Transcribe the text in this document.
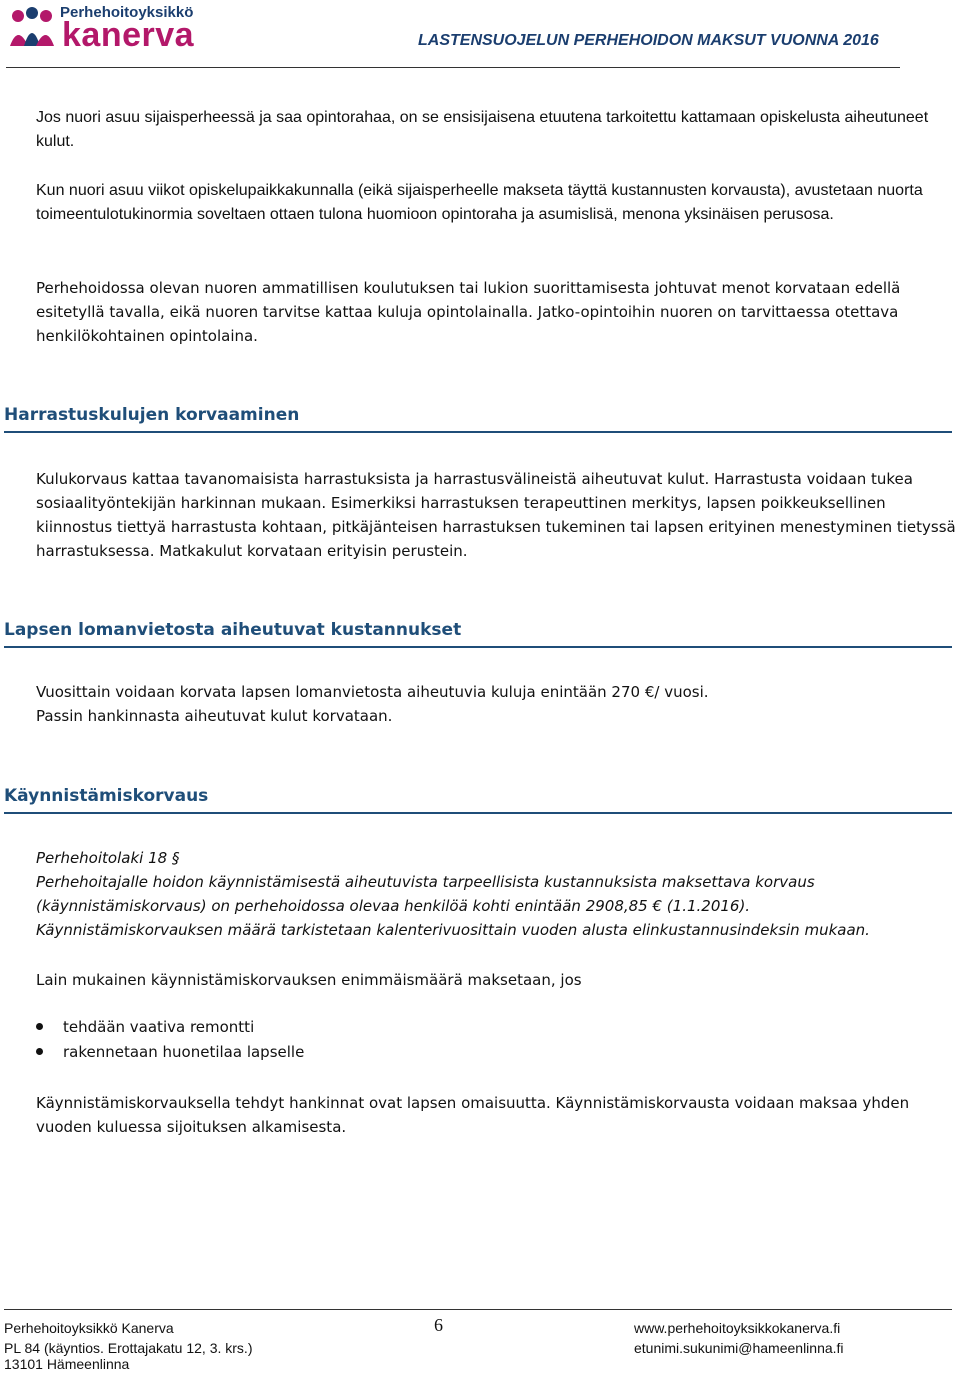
Perhehoitoyksikkö
kanerva	LASTENSUOJELUN PERHEHOIDON MAKSUT VUONNA 2016

Jos nuori asuu sijaisperheessä ja saa opintorahaa, on se ensisijaisena etuutena tarkoitettu kattamaan opiskelusta aiheutuneet kulut.

Kun nuori asuu viikot opiskelupaikkakunnalla (eikä sijaisperheelle makseta täyttä kustannusten korvausta), avustetaan nuorta toimeentulotukinormia soveltaen ottaen tulona huomioon opintoraha ja asumislisä, menona yksinäisen perusosa.

Perhehoidossa olevan nuoren ammatillisen koulutuksen tai lukion suorittamisesta johtuvat menot korvataan edellä esitetyllä tavalla, eikä nuoren tarvitse kattaa kuluja opintolainalla. Jatko-opintoihin nuoren on tarvittaessa otettava henkilökohtainen opintolaina.

Harrastuskulujen korvaaminen

Kulukorvaus kattaa tavanomaisista harrastuksista ja harrastusvälineistä aiheutuvat kulut. Harrastusta voidaan tukea sosiaalityöntekijän harkinnan mukaan. Esimerkiksi harrastuksen terapeuttinen merkitys, lapsen poikkeuksellinen kiinnostus tiettyä harrastusta kohtaan, pitkäjänteisen harrastuksen tukeminen tai lapsen erityinen menestyminen tietyssä harrastuksessa. Matkakulut korvataan erityisin perustein.

Lapsen lomanvietosta aiheutuvat kustannukset

Vuosittain voidaan korvata lapsen lomanvietosta aiheutuvia kuluja enintään 270 €/ vuosi.

Passin hankinnasta aiheutuvat kulut korvataan.

Käynnistämiskorvaus

Perhehoitolaki 18 §

Perhehoitajalle hoidon käynnistämisestä aiheutuvista tarpeellisista kustannuksista maksettava korvaus (käynnistämiskorvaus) on perhehoidossa olevaa henkilöä kohti enintään 2908,85 € (1.1.2016).

Käynnistämiskorvauksen määrä tarkistetaan kalenterivuosittain vuoden alusta elinkustannusindeksin mukaan.

Lain mukainen käynnistämiskorvauksen enimmäismäärä maksetaan, jos

tehdään vaativa remontti
rakennetaan huonetilaa lapselle

Käynnistämiskorvauksella tehdyt hankinnat ovat lapsen omaisuutta. Käynnistämiskorvausta voidaan maksaa yhden vuoden kuluessa sijoituksen alkamisesta.

Perhehoitoyksikkö Kanerva
PL 84 (käyntios. Erottajakatu 12, 3. krs.)
13101 Hämeenlinna
6	www.perhehoitoyksikkokanerva.fi
etunimi.sukunimi@hameenlinna.fi
